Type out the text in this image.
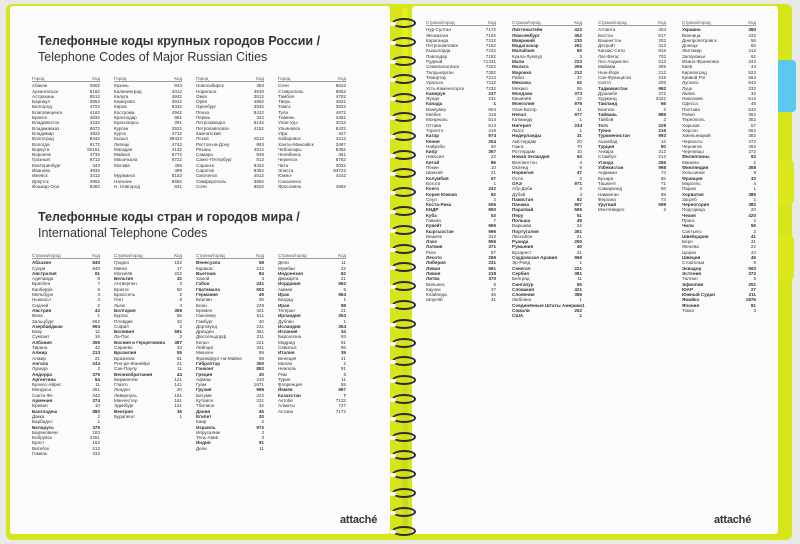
Телефонные коды крупных городов России /
Telephone Codes of Major Russian Cities
Город	Код
Абакан	3902
Архангельск	8182
Астрахань	8512
Барнаул	3852
Белгород	4722
Благовещенск	4162
Брянск	4832
Владивосток	4232
Владикавказ	8672
Владимир	4922
Волгоград	8442
Вологда	8172
Воркута	82151
Воронеж	4732
Грозный	8712
Екатеринбург	343
Иваново	4932
Ижевск	3412
Иркутск	3952
Йошкар-Ола	8362
Город	Код
Казань	843
Калининград	4012
Калуга	4842
Кемерово	3842
Киров	8332
Кострома	4942
Краснодар	861
Красноярск	391
Курган	3522
Курск	4712
Кызыл	39422
Липецк	4742
Магадан	4132
Майкоп	8772
Махачкала	8722
Москва	495
499
Мурманск	8152
Нальчик	8662
Н. Новгород	831
Город	Код
Новосибирск	383
Норильск	3919
Омск	3812
Орёл	4862
Оренбург	3532
Пенза	8412
Пермь	342
Петрозаводск	8142
Петропавловск-	4152
Камчатский
Псков	8112
Ростов-на-Дону	863
Рязань	4912
Самара	846
Санкт-Петербург	812
Саранск	8342
Саратов	8452
Смоленск	4812
Симферополь	3652
Сочи	8622
Город	Код
Сочи	8622
Ставрополь	8652
Тамбов	4752
Тверь	4822
Томск	3822
Тула	4872
Тюмень	3452
Улан-Удэ	3012
Ульяновск	8422
Уфа	347
Хабаровск	4212
Ханты-Мансийск	3467
Чебоксары	8352
Челябинск	351
Черкесск	8782
Чита	3022
Элиста	84722
Южно-	4242
Сахалинск
Ярославль	4852
Телефонные коды стран и городов мира /
International Telephone Codes
Страна/город	Код
Абхазия	840
Сухум	840
Австралия	61
Аделаида	8
Брисбен	7
Канберра	6
Мельбурн	3
Ньюкасл	2
Сидней	2
Австрия	43
Вена	1
Зальцбург	662
Азербайджан	994
Баку	12
Сумгаит	18
Албания	355
Тирана	42
Алжир	213
Алжир	21
Ангола	244
Луанда	2
Андорра	376
Аргентина	54
Буэнос-Айрес	11
Мендоса	261
Санта-Фе	342
Армения	374
Ереван	10
Бангладеш	880
Дакка	2
Барбадос	1
Беларусь	375
Барановичи	163
Бобруйск	2251
Брест	162
Витебск	212
Гомель	232
Страна/город	Код
Гродно	152
Минск	17
Могилёв	222
Бельгия	32
Антверпен	3
Брюгге	50
Брюссель	2
Гент	9
Льеж	4
Болгария	359
Бургас	56
Пловдив	32
София	2
Боливия	591
Ла-Пас	2
Босния и Герцеговина 387
Сараево	33
Бразилия	55
Бразилиа	61
Рио-де-Жанейро	21
Сан-Паулу	11
Великобритания	44
Бирмингем	121
Глазго	141
Лондон	20
Ливерпуль	151
Манчестер	161
Эдинбург	131
Венгрия	36
Будапешт	1
Страна/город	Код
Венесуэла	58
Каракас	212
Вьетнам	84
Ханой	4
Габон	241
Гватемала	502
Германия	49
Берлин	30
Бонн	228
Бремен	421
Ганновер	511
Гамбург	40
Дортмунд	231
Дрезден	351
Дюссельдорф	211
Кельн	221
Лейпциг	341
Мюнхен	89
Франкфурт-на-Майне	69
Гибралтар	350
Гонконг	852
Греция	30
Афины	210
Гуам	1671
Грузия	995
Батуми	222
Кутаиси	231
Тбилиси	32
Дания	45
Египет	20
Каир	2
Израиль	972
Иерусалим	2
Тель-Авив	3
Индия	91
Дели	11
Страна/город	Код
Дели	11
Мумбаи	22
Индонезия	62
Джакарта	21
Иордания	962
Амман	6
Ирак	964
Багдад	1
Иран	98
Тегеран	21
Ирландия	353
Дублин	1
Исландия	354
Испания	34
Барселона	93
Мадрид	91
Севилья	95
Италия	39
Венеция	41
Милан	2
Неаполь	81
Рим	6
Турин	11
Флоренция	55
Йемен	967
Казахстан	7
Актобе	7132
Алматы	727
Астана	7172
attaché
Страна/город	Код
Нур-Султан	7172
Жезказган	7102
Караганда	7212
Петропавловск	7152
Кызылорда	7242
Павлодар	7182
Рудный	71431
Семипалатинск	7222
Талдыкорган	7282
Темиртау	7213
Уральск	7112
Усть-Каменогорск	7232
Камерун	237
Яунде	231
Канада	1
Ванкувер	604
Квебек	418
Монреаль	514
Оттава	613
Торонто	416
Катар	974
Кения	254
Найроби	20
Кипр	357
Никосия	22
Китай	86
Пекин	10
Шанхай	21
Колумбия	57
Богота	1
Конго	242
Корея Южная	82
Сеул	2
Коста-Рика	506
КНДР	850
Куба	53
Гавана	7
Кувейт	965
Кыргызстан	996
Бишкек	312
Лаос	856
Латвия	371
Рига	67
Лесото	266
Либерия	231
Ливан	961
Ливия	218
Литва	370
Вильнюс	5
Каунас	37
Клайпеда	46
Шяуляй	41
Страна/город	Код
Лихтенштейн	423
Люксембург	352
Маврикий	230
Мадагаскар	261
Малайзия	60
Куала-Лумпур	3
Мали	223
Мальта	356
Марокко	212
Рабат	37
Мексика	52
Мехико	55
Молдова	373
Кишинёв	22
Монголия	976
Улан-Батор	11
Непал	977
Катманду	1
Нигерия	234
Лагос	1
Нидерланды	31
Амстердам	20
Гаага	70
Роттердам	10
Новая Зеландия	64
Веллингтон	4
Окленд	9
Норвегия	47
Осло	2
ОАЭ	971
Абу-Даби	2
Дубай	4
Пакистан	92
Панама	507
Парагвай	595
Перу	51
Польша	48
Варшава	22
Португалия	351
Лиссабон	21
Руанда	250
Румыния	40
Бухарест	21
Саудовская Аравия	966
Эр-Рияд	1
Сенегал	221
Сербия	381
Белград	11
Сингапур	65
Словакия	421
Словения	386
Любляна	1
Соединённые Штаты Америки 1
Сомали	252
США	1
Страна/город	Код
Атланта	404
Бостон	617
Вашингтон	202
Детройт	313
Канзас-Сити	816
Лас-Вегас	702
Лос-Анджелес	213
Майами	305
Нью-Йорк	212
Сан-Франциско	415
Сиэтл	206
Таджикистан	992
Душанбе	372
Худжанд	3422
Таиланд	66
Бангкок	2
Тайвань	886
Тайбэй	2
Того	228
Тунис	216
Туркменистан	993
Ашхабад	12
Турция	90
Анкара	312
Стамбул	212
Уганда	256
Узбекистан	998
Андижан	74
Бухара	65
Ташкент	71
Самарканд	66
Наманган	69
Фергана	73
Уругвай	598
Монтевидео	2
Страна/город	Код
Украина	380
Винница	432
Днепропетровск	56
Донецк	62
Житомир	412
Запорожье	61
Ивано-Франковск	342
Киев	44
Кировоград	522
Кривой Рог	564
Луганск	642
Луцк	332
Львов	32
Николаев	512
Одесса	48
Полтава	532
Ровно	362
Тернополь	352
Харьков	57
Херсон	552
Хмельницкий	382
Черкассы	472
Чернигов	462
Черновцы	372
Филиппины	63
Манила	2
Финляндия	358
Хельсинки	9
Франция	33
Марсель	4
Париж	1
Хорватия	385
Загреб	1
Черногория	382
Подгорица	20
Чехия	420
Прага	2
Чили	56
Сантьяго	2
Швейцария	41
Берн	31
Женева	22
Цюрих	44
Швеция	46
Стокгольм	8
Эквадор	593
Эстония	372
Таллин	6
Эфиопия	251
ЮАР	27
Южный Судан	211
Ямайка	1876
Япония	81
Токио	3
attaché
